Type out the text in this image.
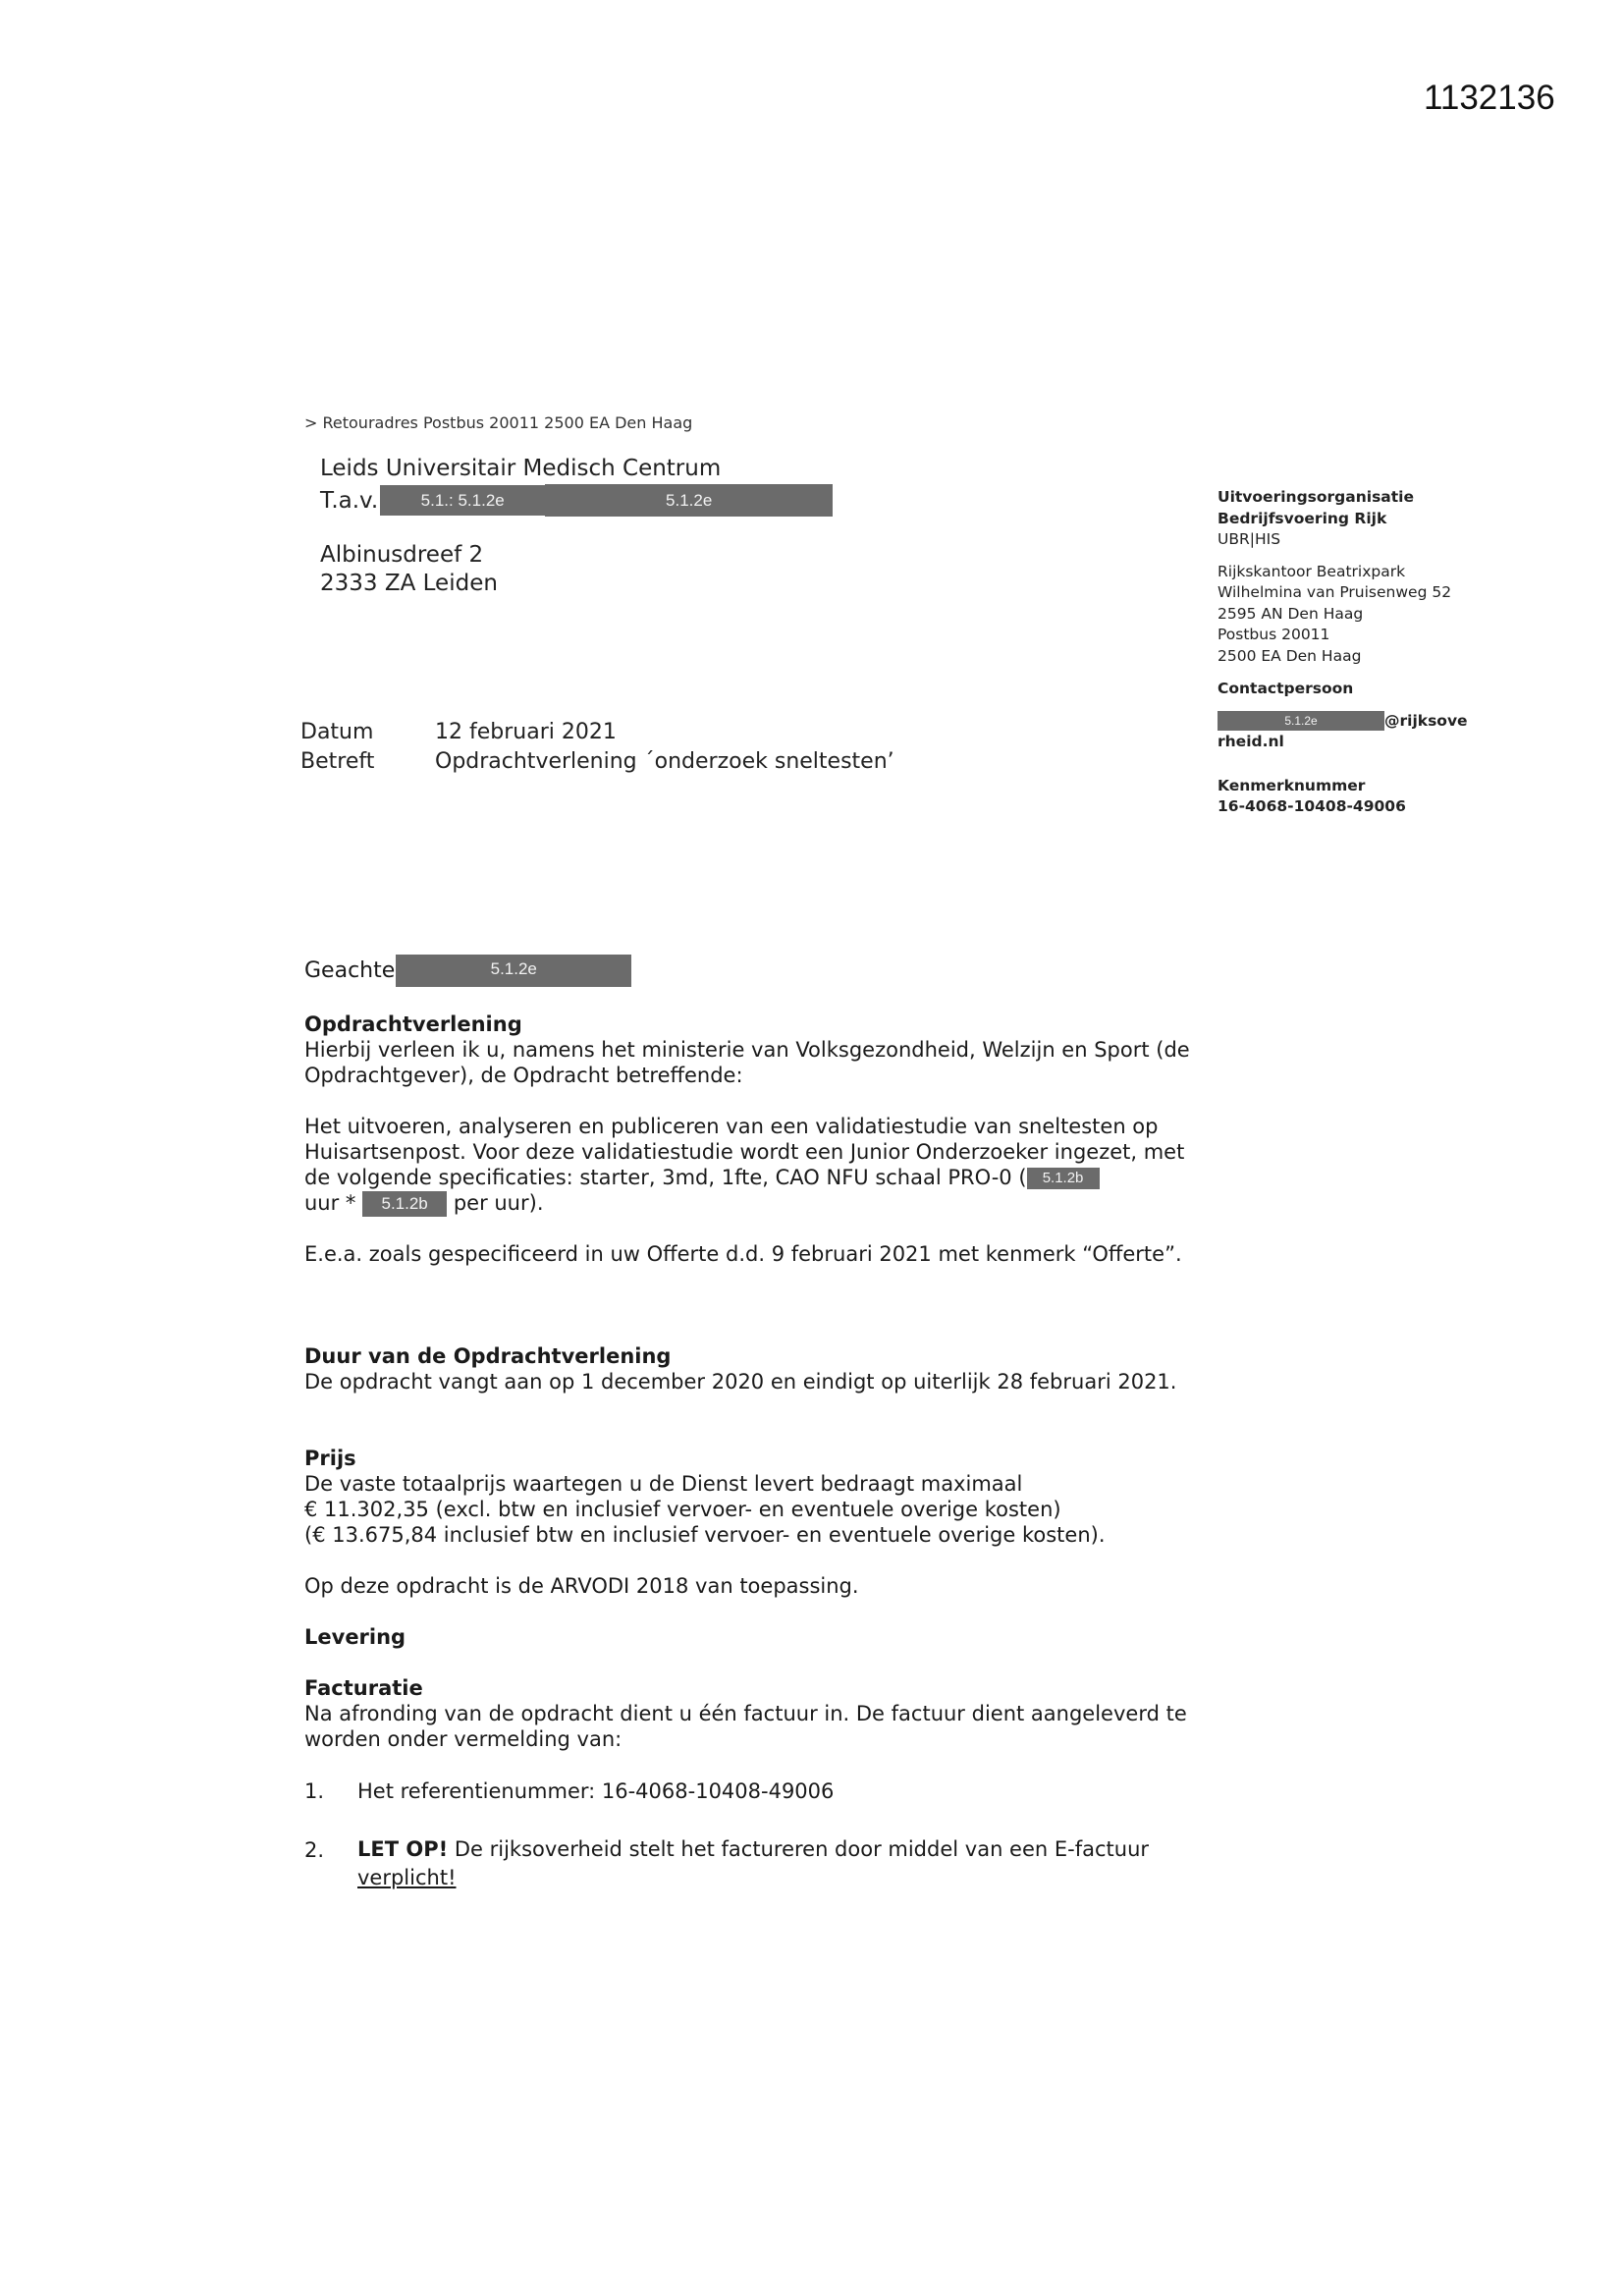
1132136
> Retouradres Postbus 20011 2500 EA Den Haag
Leids Universitair Medisch Centrum
T.a.v.	5.1.: 5.1.2e	5.1.2e
Albinusdreef 2
2333 ZA Leiden
Uitvoeringsorganisatie
Bedrijfsvoering Rijk
UBR|HIS
Rijkskantoor Beatrixpark
Wilhelmina van Pruisenweg 52
2595 AN Den Haag
Postbus 20011
2500 EA Den Haag
Contactpersoon
5.1.2e	@rijksove
rheid.nl
Kenmerknummer
16-4068-10408-49006
Datum	12 februari 2021
Betreft	Opdrachtverlening ´onderzoek sneltesten’
Geachte	5.1.2e

Opdrachtverlening

Hierbij verleen ik u, namens het ministerie van Volksgezondheid, Welzijn en Sport (de Opdrachtgever), de Opdracht betreffende:

Het uitvoeren, analyseren en publiceren van een validatiestudie van sneltesten op Huisartsenpost. Voor deze validatiestudie wordt een Junior Onderzoeker ingezet, met de volgende specificaties: starter, 3md, 1fte, CAO NFU schaal PRO-0 ( 5.1.2b
uur * 5.1.2b per uur).
E.e.a. zoals gespecificeerd in uw Offerte d.d. 9 februari 2021 met kenmerk “Offerte”.

Duur van de Opdrachtverlening

De opdracht vangt aan op 1 december 2020 en eindigt op uiterlijk 28 februari 2021.

Prijs

De vaste totaalprijs waartegen u de Dienst levert bedraagt maximaal

€ 11.302,35 (excl. btw en inclusief vervoer- en eventuele overige kosten)

(€ 13.675,84 inclusief btw en inclusief vervoer- en eventuele overige kosten).

Op deze opdracht is de ARVODI 2018 van toepassing.
Levering

Facturatie

Na afronding van de opdracht dient u één factuur in. De factuur dient aangeleverd te worden onder vermelding van:

1. Het referentienummer: 16-4068-10408-49006
2. LET OP! De rijksoverheid stelt het factureren door middel van een E-factuur verplicht!
